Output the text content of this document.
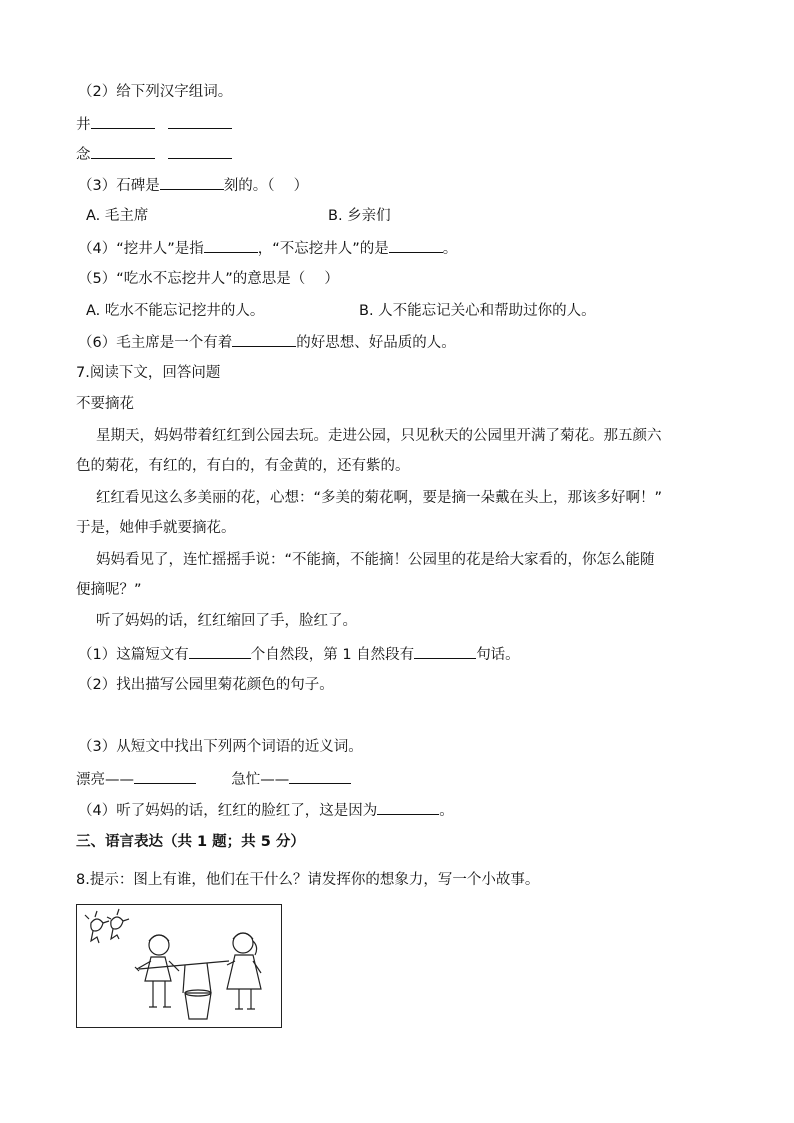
（2）给下列汉字组词。
井
念
（3）石碑是	刻的。（　 ）
A. 毛主席	B. 乡亲们
（4）“挖井人”是指	，“不忘挖井人”的是	。
（5）“吃水不忘挖井人”的意思是（　 ）
A. 吃水不能忘记挖井的人。	B. 人不能忘记关心和帮助过你的人。
（6）毛主席是一个有着	的好思想、好品质的人。
7.阅读下文，回答问题
不要摘花
星期天，妈妈带着红红到公园去玩。走进公园，只见秋天的公园里开满了菊花。那五颜六
色的菊花，有红的，有白的，有金黄的，还有紫的。
红红看见这么多美丽的花，心想：“多美的菊花啊，要是摘一朵戴在头上，那该多好啊！”
于是，她伸手就要摘花。
妈妈看见了，连忙摇摇手说：“不能摘，不能摘！公园里的花是给大家看的，你怎么能随
便摘呢？”
听了妈妈的话，红红缩回了手，脸红了。
（1）这篇短文有	个自然段，第 1 自然段有	句话。
（2）找出描写公园里菊花颜色的句子。
（3）从短文中找出下列两个词语的近义词。
漂亮——	急忙——
（4）听了妈妈的话，红红的脸红了，这是因为	。
三、语言表达（共 1 题；共 5 分）
8.提示：图上有谁，他们在干什么？请发挥你的想象力，写一个小故事。
